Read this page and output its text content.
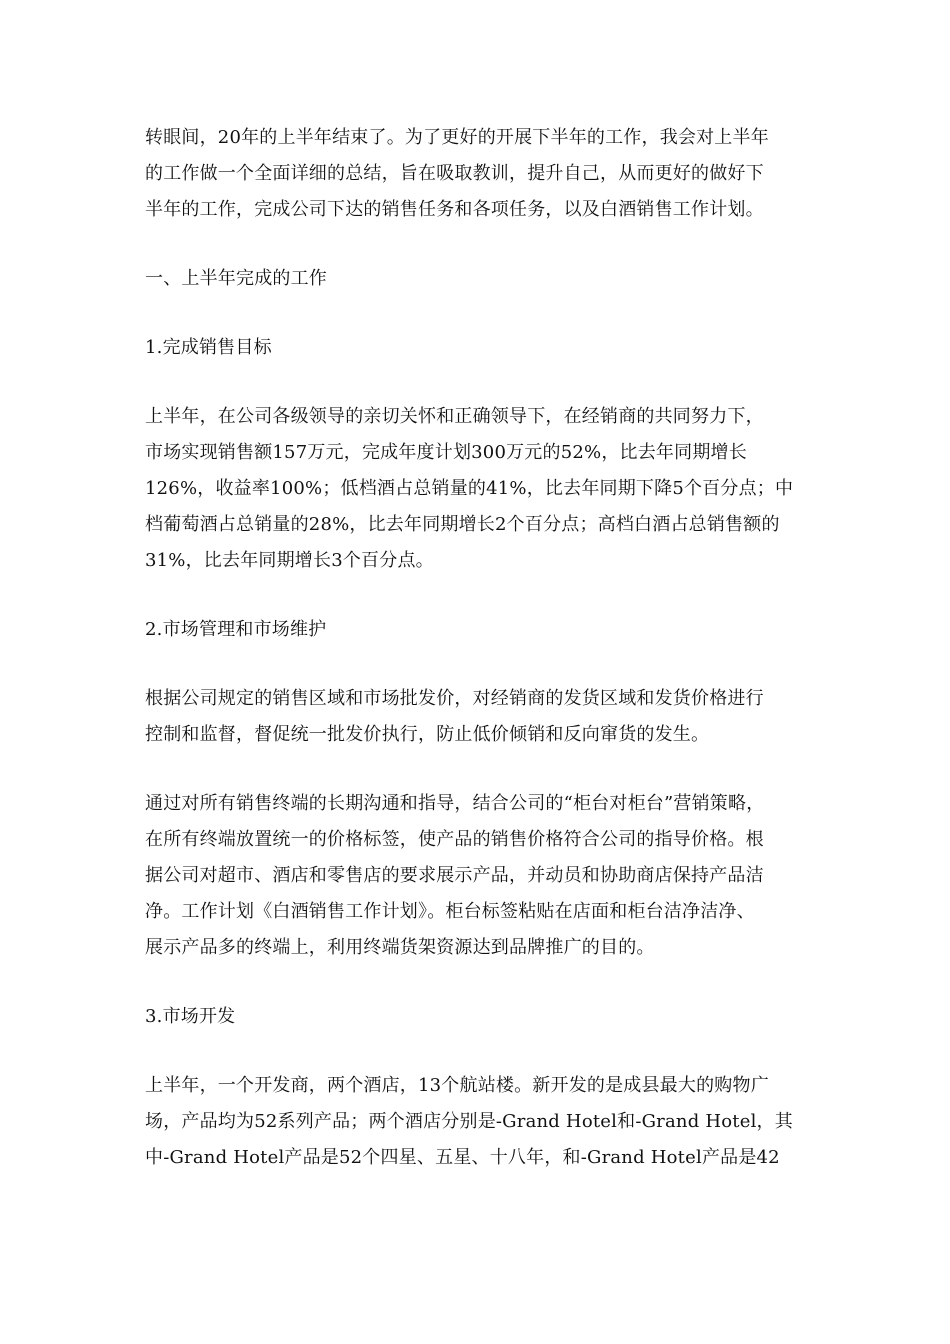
转眼间，20年的上半年结束了。为了更好的开展下半年的工作，我会对上半年
的工作做一个全面详细的总结，旨在吸取教训，提升自己，从而更好的做好下
半年的工作，完成公司下达的销售任务和各项任务，以及白酒销售工作计划。
一、上半年完成的工作
1.完成销售目标
上半年，在公司各级领导的亲切关怀和正确领导下，在经销商的共同努力下，
市场实现销售额157万元，完成年度计划300万元的52%，比去年同期增长
126%，收益率100%；低档酒占总销量的41%，比去年同期下降5个百分点；中
档葡萄酒占总销量的28%，比去年同期增长2个百分点；高档白酒占总销售额的
31%，比去年同期增长3个百分点。
2.市场管理和市场维护
根据公司规定的销售区域和市场批发价，对经销商的发货区域和发货价格进行
控制和监督，督促统一批发价执行，防止低价倾销和反向窜货的发生。
通过对所有销售终端的长期沟通和指导，结合公司的“柜台对柜台”营销策略，
在所有终端放置统一的价格标签，使产品的销售价格符合公司的指导价格。根
据公司对超市、酒店和零售店的要求展示产品，并动员和协助商店保持产品洁
净。工作计划《白酒销售工作计划》。柜台标签粘贴在店面和柜台洁净洁净、
展示产品多的终端上，利用终端货架资源达到品牌推广的目的。
3.市场开发
上半年，一个开发商，两个酒店，13个航站楼。新开发的是成县最大的购物广
场，产品均为52系列产品；两个酒店分别是-Grand Hotel和-Grand Hotel，其
中-Grand Hotel产品是52个四星、五星、十八年，和-Grand Hotel产品是42
